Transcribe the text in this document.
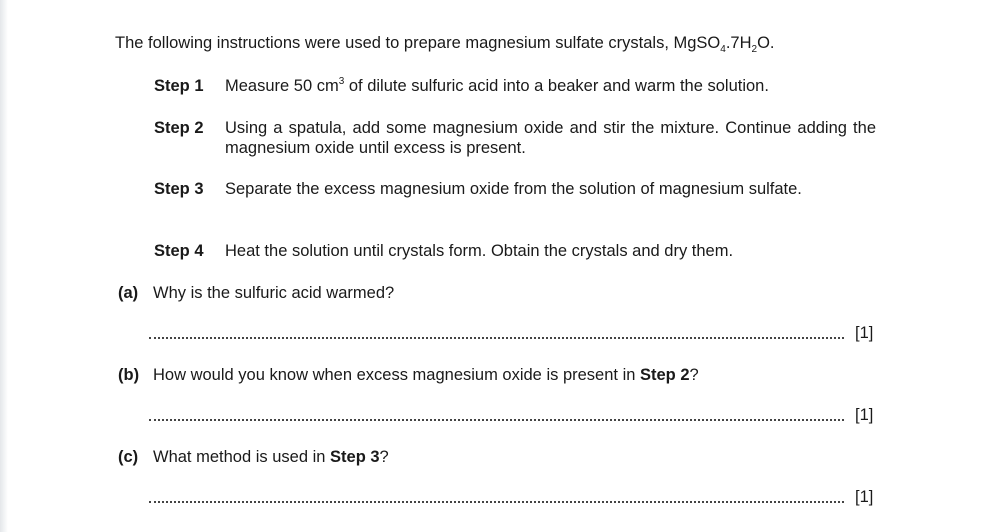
The following instructions were used to prepare magnesium sulfate crystals, $MgSO_4.7H_2O$.
Step 1 Measure 50 $cm^3$ of dilute sulfuric acid into a beaker and warm the solution.
Step 2 Using a spatula, add some magnesium oxide and stir the mixture. Continue adding the magnesium oxide until excess is present.
Step 3 Separate the excess magnesium oxide from the solution of magnesium sulfate.
Step 4 Heat the solution until crystals form. Obtain the crystals and dry them.
(a) Why is the sulfuric acid warmed?
[1]
(b) How would you know when excess magnesium oxide is present in Step 2?
[1]
(c) What method is used in Step 3?
[1]
